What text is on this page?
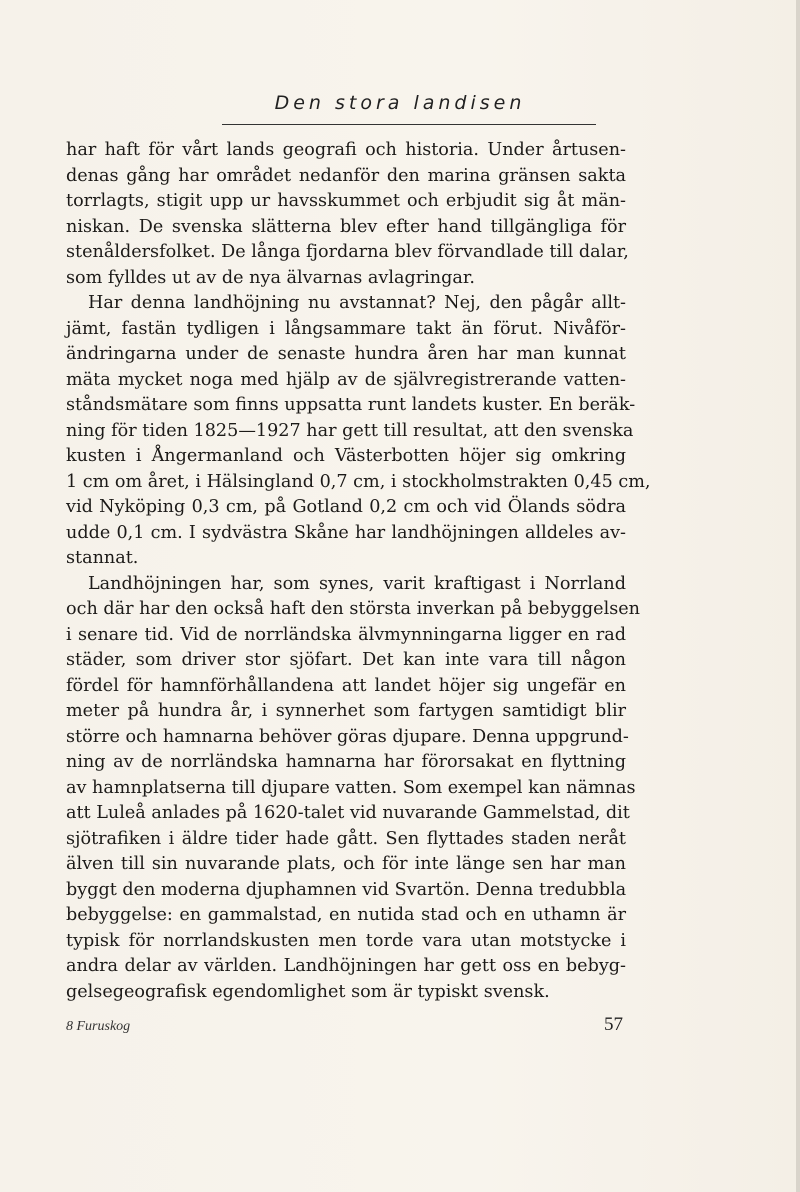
Den stora landisen
har haft för vårt lands geografi och historia. Under årtusen-
denas gång har området nedanför den marina gränsen sakta
torrlagts, stigit upp ur havsskummet och erbjudit sig åt män-
niskan. De svenska slätterna blev efter hand tillgängliga för
stenåldersfolket. De långa fjordarna blev förvandlade till dalar,
som fylldes ut av de nya älvarnas avlagringar.
Har denna landhöjning nu avstannat? Nej, den pågår allt-
jämt, fastän tydligen i långsammare takt än förut. Nivåför-
ändringarna under de senaste hundra åren har man kunnat
mäta mycket noga med hjälp av de självregistrerande vatten-
ståndsmätare som finns uppsatta runt landets kuster. En beräk-
ning för tiden 1825—1927 har gett till resultat, att den svenska
kusten i Ångermanland och Västerbotten höjer sig omkring
1 cm om året, i Hälsingland 0,7 cm, i stockholmstrakten 0,45 cm,
vid Nyköping 0,3 cm, på Gotland 0,2 cm och vid Ölands södra
udde 0,1 cm. I sydvästra Skåne har landhöjningen alldeles av-
stannat.
Landhöjningen har, som synes, varit kraftigast i Norrland
och där har den också haft den största inverkan på bebyggelsen
i senare tid. Vid de norrländska älvmynningarna ligger en rad
städer, som driver stor sjöfart. Det kan inte vara till någon
fördel för hamnförhållandena att landet höjer sig ungefär en
meter på hundra år, i synnerhet som fartygen samtidigt blir
större och hamnarna behöver göras djupare. Denna uppgrund-
ning av de norrländska hamnarna har förorsakat en flyttning
av hamnplatserna till djupare vatten. Som exempel kan nämnas
att Luleå anlades på 1620-talet vid nuvarande Gammelstad, dit
sjötrafiken i äldre tider hade gått. Sen flyttades staden neråt
älven till sin nuvarande plats, och för inte länge sen har man
byggt den moderna djuphamnen vid Svartön. Denna tredubbla
bebyggelse: en gammalstad, en nutida stad och en uthamn är
typisk för norrlandskusten men torde vara utan motstycke i
andra delar av världen. Landhöjningen har gett oss en bebyg-
gelsegeografisk egendomlighet som är typiskt svensk.
8 Furuskog	57
